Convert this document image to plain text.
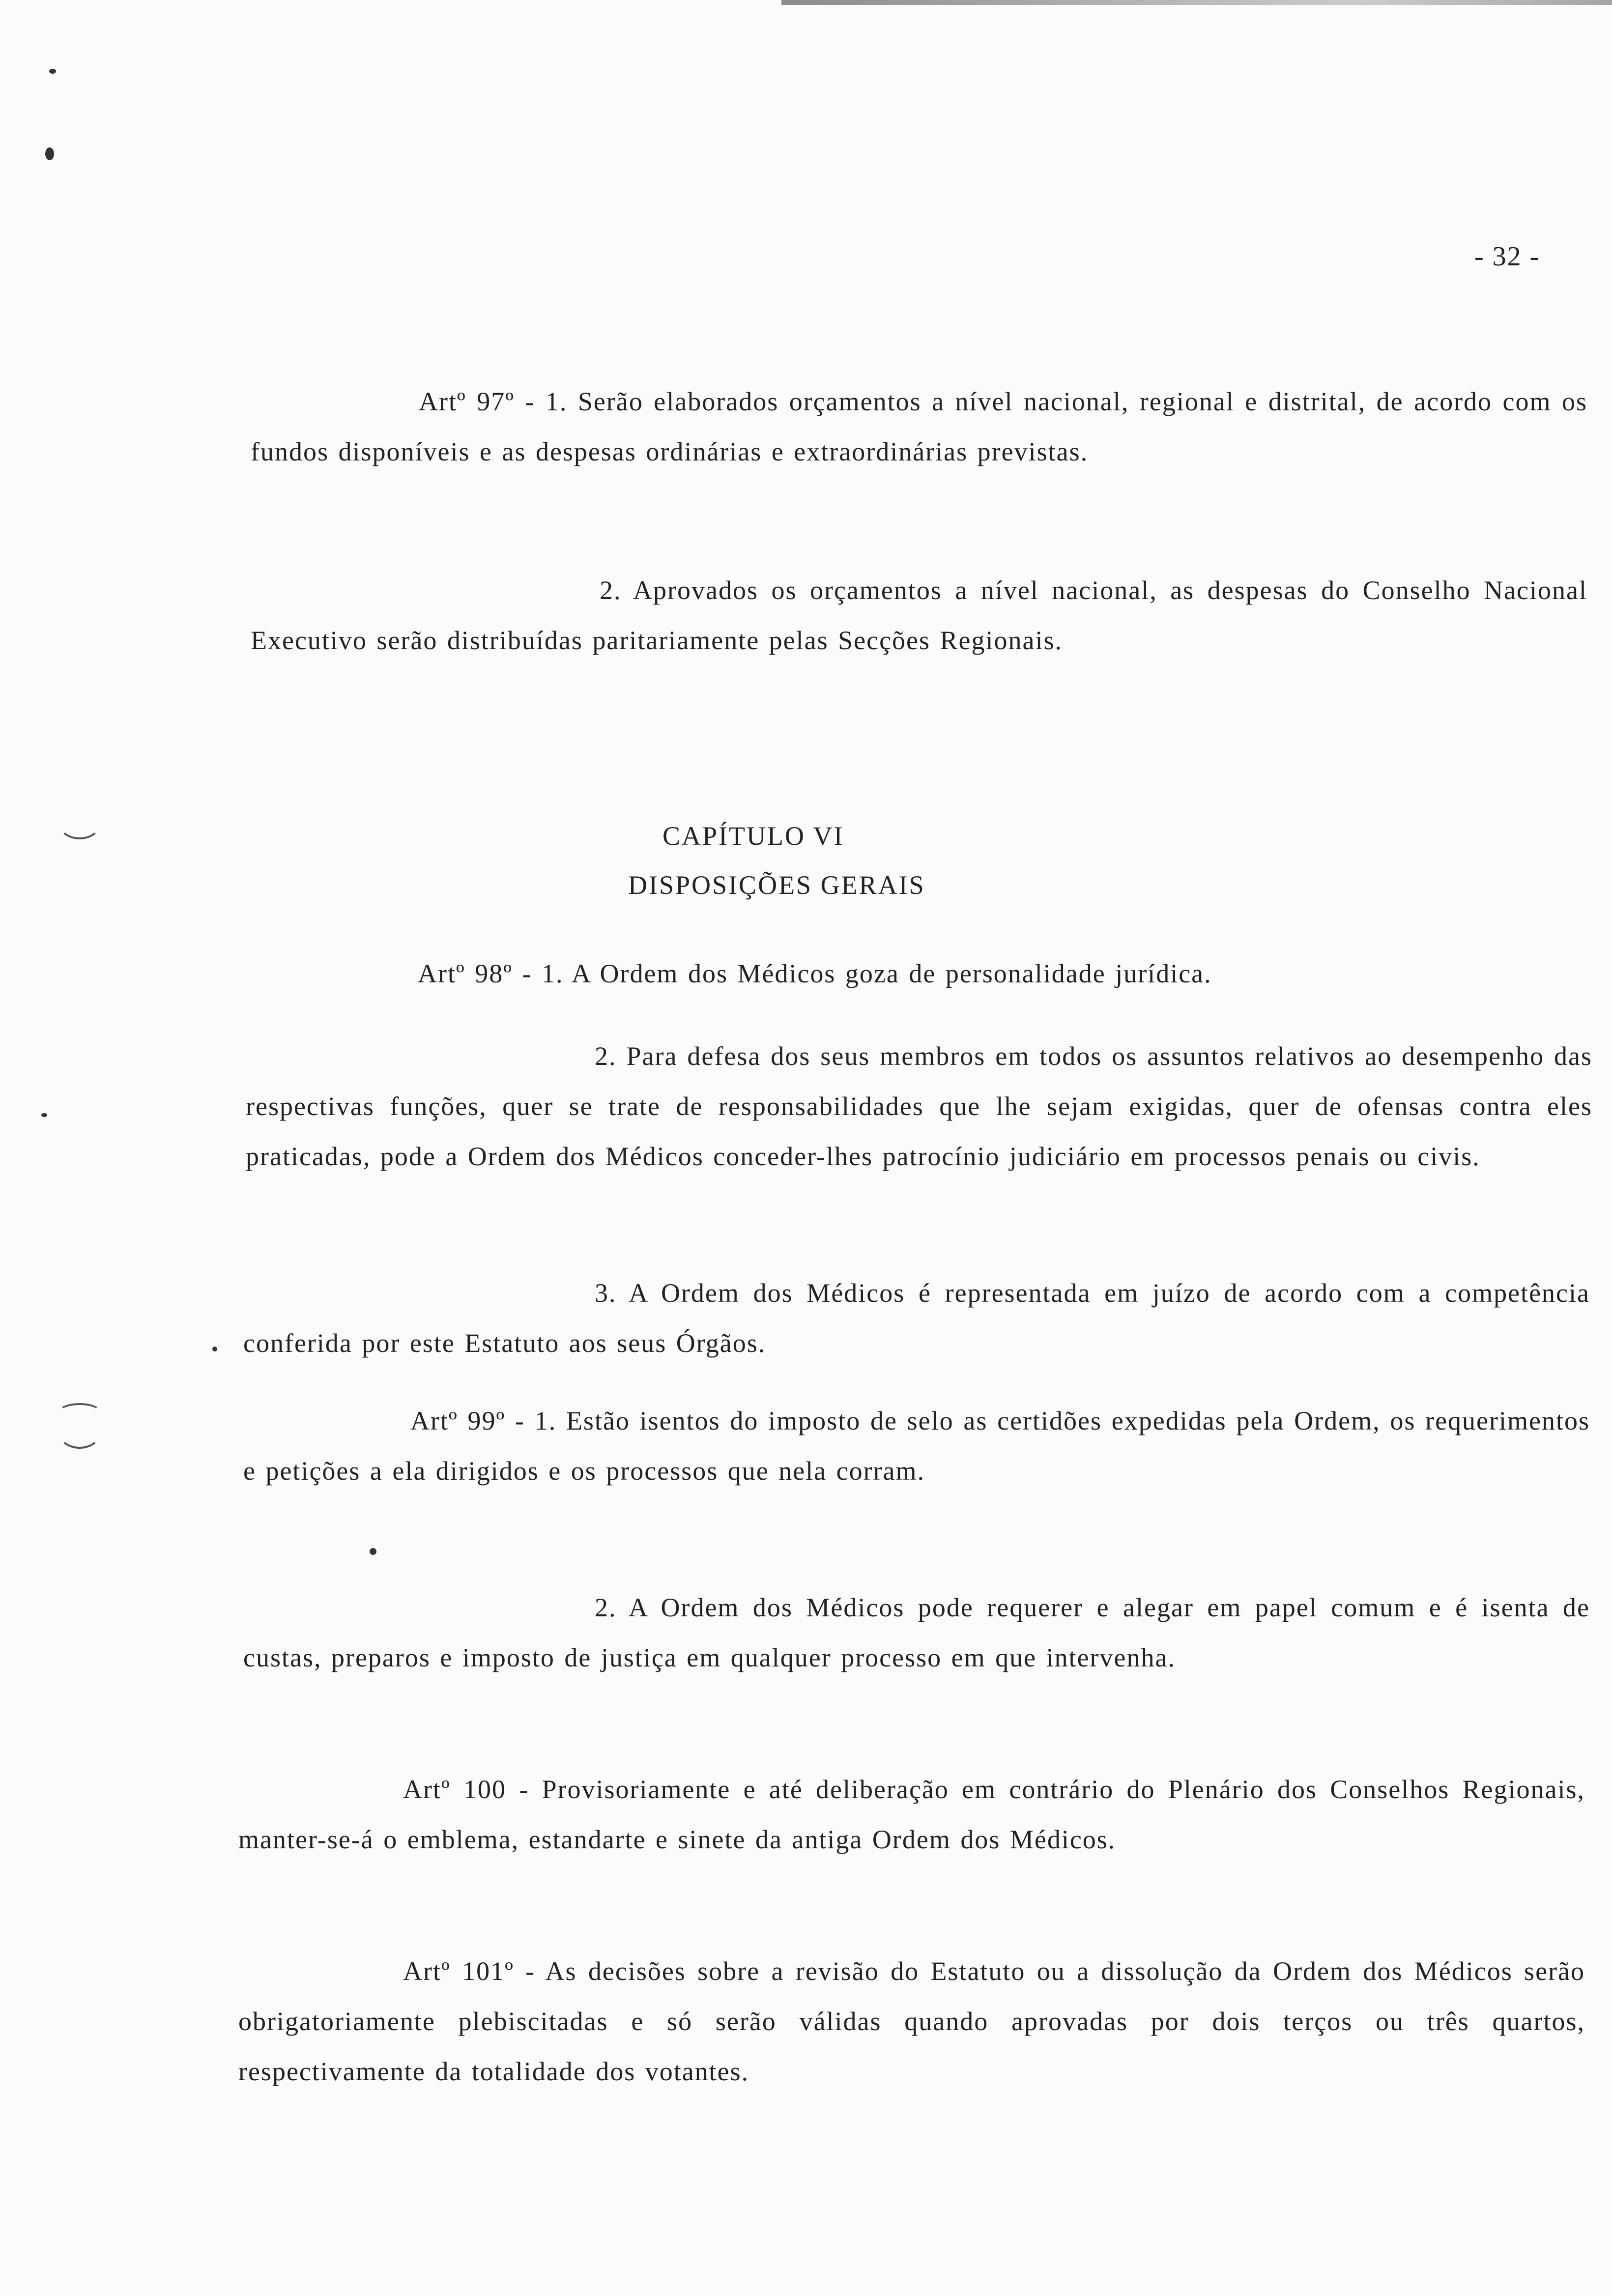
- 32 -

Artº 97º - 1. Serão elaborados orçamentos a nível nacional, regional e distrital, de acordo com os fundos disponíveis e as despesas ordinárias e extraordinárias previstas.

2. Aprovados os orçamentos a nível nacional, as despesas do Conselho Nacional Executivo serão distribuídas paritariamente pelas Secções Regionais.

CAPÍTULO VI
DISPOSIÇÕES GERAIS

Artº 98º - 1. A Ordem dos Médicos goza de personalidade jurídica.

2. Para defesa dos seus membros em todos os assuntos relativos ao desempenho das respectivas funções, quer se trate de responsabilidades que lhe sejam exigidas, quer de ofensas contra eles praticadas, pode a Ordem dos Médicos conceder-lhes patrocínio judiciário em processos penais ou civis.

3. A Ordem dos Médicos é representada em juízo de acordo com a competência conferida por este Estatuto aos seus Órgãos.

Artº 99º - 1. Estão isentos do imposto de selo as certidões expedidas pela Ordem, os requerimentos e petições a ela dirigidos e os processos que nela corram.

2. A Ordem dos Médicos pode requerer e alegar em papel comum e é isenta de custas, preparos e imposto de justiça em qualquer processo em que intervenha.

Artº 100 - Provisoriamente e até deliberação em contrário do Plenário dos Conselhos Regionais, manter-se-á o emblema, estandarte e sinete da antiga Ordem dos Médicos.

Artº 101º - As decisões sobre a revisão do Estatuto ou a dissolução da Ordem dos Médicos serão obrigatoriamente plebiscitadas e só serão válidas quando aprovadas por dois terços ou três quartos, respectivamente da totalidade dos votantes.
